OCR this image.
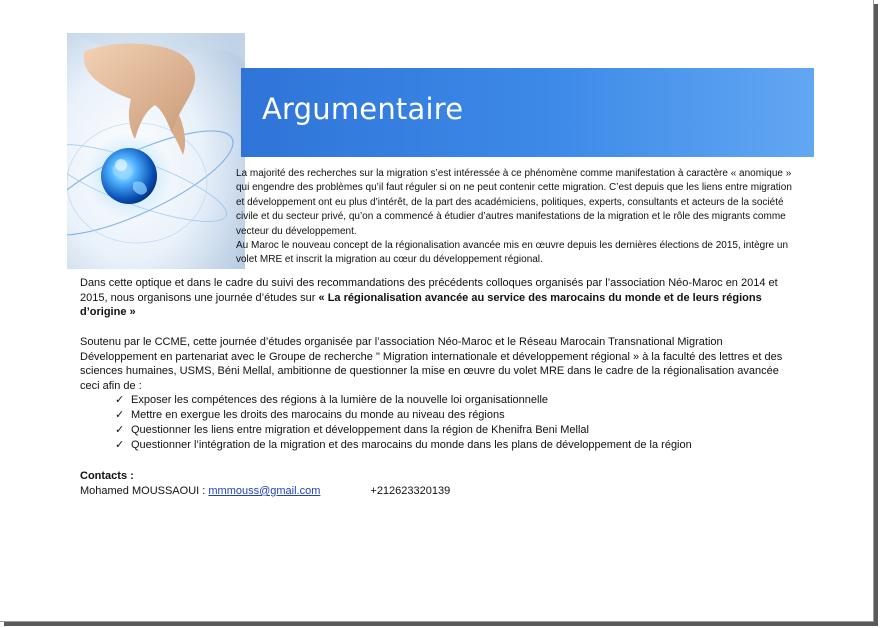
Argumentaire

La majorité des recherches sur la migration s’est intéressée à ce phénomène comme manifestation à caractère « anomique » qui engendre des problèmes qu’il faut réguler si on ne peut contenir cette migration. C’est depuis que les liens entre migration et développement ont eu plus d’intérêt, de la part des académiciens, politiques, experts, consultants et acteurs de la société civile et du secteur privé, qu’on a commencé à étudier d’autres manifestations de la migration et le rôle des migrants comme vecteur du développement.

Au Maroc le nouveau concept de la régionalisation avancée mis en œuvre depuis les dernières élections de 2015, intègre un volet MRE et inscrit la migration au cœur du développement régional.

Dans cette optique et dans le cadre du suivi des recommandations des précédents colloques organisés par l’association Néo-Maroc en 2014 et 2015, nous organisons une journée d’études sur « La régionalisation avancée au service des marocains du monde et de leurs régions d’origine »

Soutenu par le CCME, cette journée d’études organisée par l’association Néo-Maroc et le Réseau Marocain Transnational Migration Développement en partenariat avec le Groupe de recherche " Migration internationale et développement régional » à la faculté des lettres et des sciences humaines, USMS, Béni Mellal, ambitionne de questionner la mise en œuvre du volet MRE dans le cadre de la régionalisation avancée ceci afin de :

✓ Exposer les compétences des régions à la lumière de la nouvelle loi organisationnelle
✓ Mettre en exergue les droits des marocains du monde au niveau des régions
✓ Questionner les liens entre migration et développement dans la région de Khenifra Beni Mellal
✓ Questionner l’intégration de la migration et des marocains du monde dans les plans de développement de la région
Contacts :
Mohamed MOUSSAOUI : mmmouss@gmail.com	+212623320139
